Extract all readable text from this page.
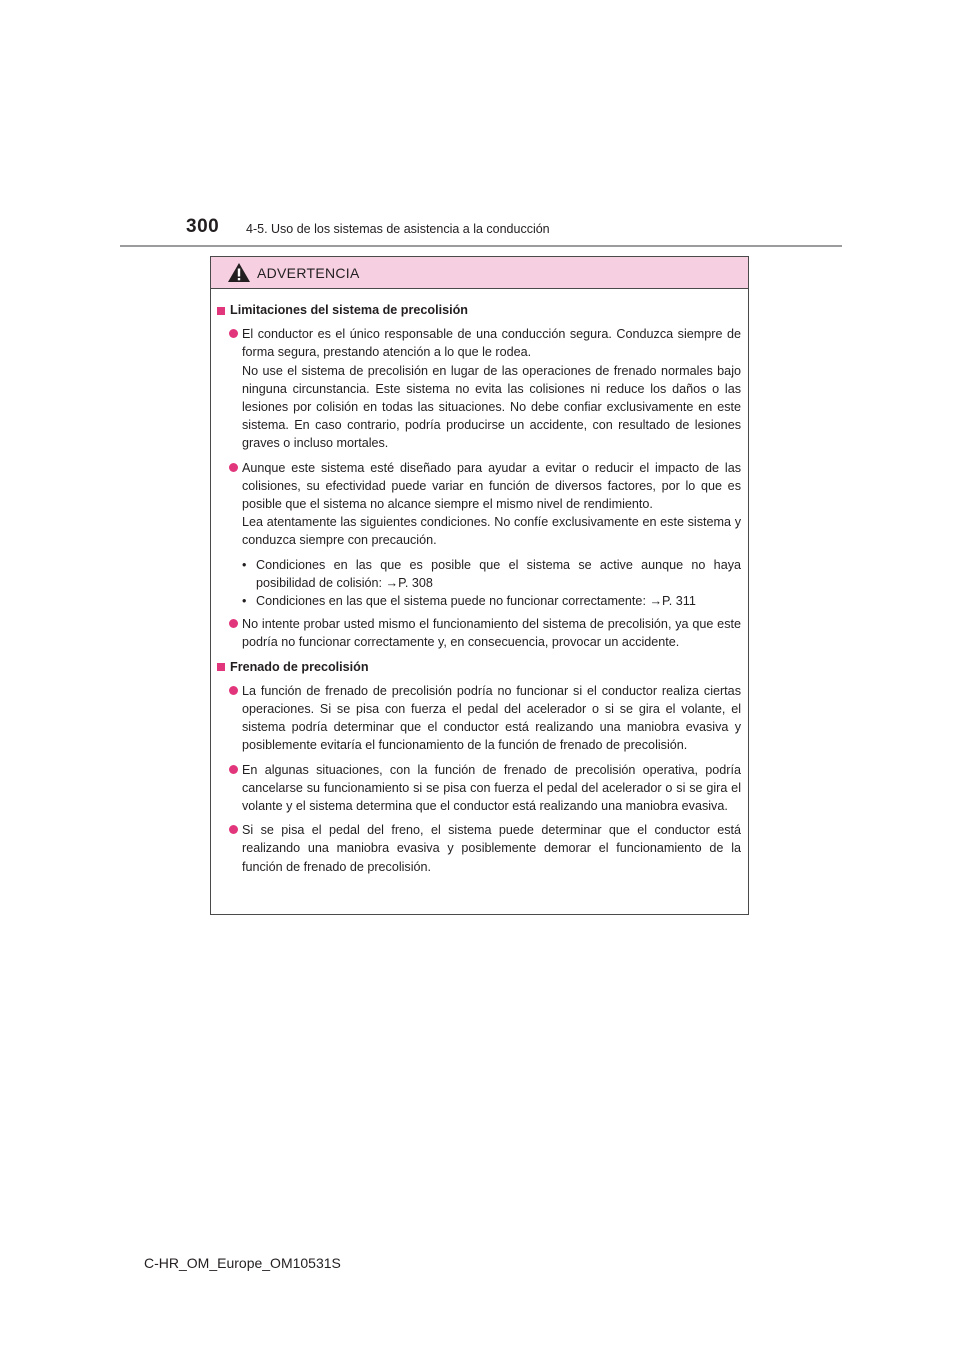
300 4-5. Uso de los sistemas de asistencia a la conducción
ADVERTENCIA
Limitaciones del sistema de precolisión

El conductor es el único responsable de una conducción segura. Conduzca siempre de forma segura, prestando atención a lo que le rodea.

No use el sistema de precolisión en lugar de las operaciones de frenado normales bajo ninguna circunstancia. Este sistema no evita las colisiones ni reduce los daños o las lesiones por colisión en todas las situaciones. No debe confiar exclusivamente en este sistema. En caso contrario, podría producirse un accidente, con resultado de lesiones graves o incluso mortales.

Aunque este sistema esté diseñado para ayudar a evitar o reducir el impacto de las colisiones, su efectividad puede variar en función de diversos factores, por lo que es posible que el sistema no alcance siempre el mismo nivel de rendimiento.

Lea atentamente las siguientes condiciones. No confíe exclusivamente en este sistema y conduzca siempre con precaución.

• Condiciones en las que es posible que el sistema se active aunque no haya posibilidad de colisión: →P. 308
• Condiciones en las que el sistema puede no funcionar correctamente: →P. 311

No intente probar usted mismo el funcionamiento del sistema de precolisión, ya que este podría no funcionar correctamente y, en consecuencia, provocar un accidente.

Frenado de precolisión

La función de frenado de precolisión podría no funcionar si el conductor realiza ciertas operaciones. Si se pisa con fuerza el pedal del acelerador o si se gira el volante, el sistema podría determinar que el conductor está realizando una maniobra evasiva y posiblemente evitaría el funcionamiento de la función de frenado de precolisión.

En algunas situaciones, con la función de frenado de precolisión operativa, podría cancelarse su funcionamiento si se pisa con fuerza el pedal del acelerador o si se gira el volante y el sistema determina que el conductor está realizando una maniobra evasiva.

Si se pisa el pedal del freno, el sistema puede determinar que el conductor está realizando una maniobra evasiva y posiblemente demorar el funcionamiento de la función de frenado de precolisión.

C-HR_OM_Europe_OM10531S
